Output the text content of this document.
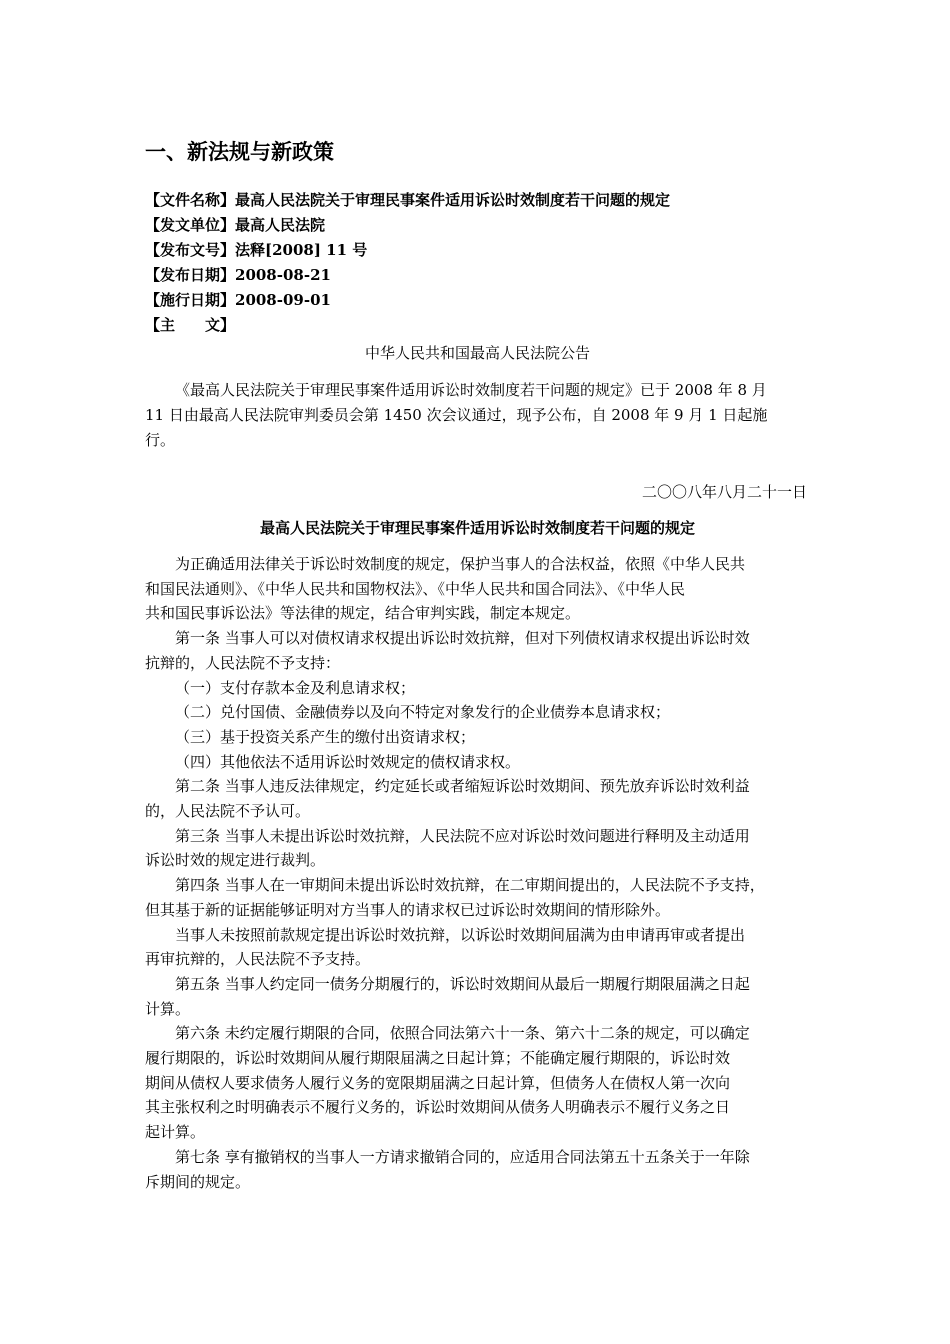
一、新法规与新政策
【文件名称】最高人民法院关于审理民事案件适用诉讼时效制度若干问题的规定
【发文单位】最高人民法院
【发布文号】法释[2008] 11 号
【发布日期】2008-08-21
【施行日期】2008-09-01
【主　　文】
中华人民共和国最高人民法院公告

《最高人民法院关于审理民事案件适用诉讼时效制度若干问题的规定》已于 2008 年 8 月
11 日由最高人民法院审判委员会第 1450 次会议通过，现予公布，自 2008 年 9 月 1 日起施
行。

二〇〇八年八月二十一日
最高人民法院关于审理民事案件适用诉讼时效制度若干问题的规定

为正确适用法律关于诉讼时效制度的规定，保护当事人的合法权益，依照《中华人民共
和国民法通则》、《中华人民共和国物权法》、《中华人民共和国合同法》、《中华人民
共和国民事诉讼法》等法律的规定，结合审判实践，制定本规定。

第一条 当事人可以对债权请求权提出诉讼时效抗辩，但对下列债权请求权提出诉讼时效
抗辩的，人民法院不予支持：

（一）支付存款本金及利息请求权；

（二）兑付国债、金融债券以及向不特定对象发行的企业债券本息请求权；

（三）基于投资关系产生的缴付出资请求权；

（四）其他依法不适用诉讼时效规定的债权请求权。

第二条 当事人违反法律规定，约定延长或者缩短诉讼时效期间、预先放弃诉讼时效利益
的，人民法院不予认可。

第三条 当事人未提出诉讼时效抗辩，人民法院不应对诉讼时效问题进行释明及主动适用
诉讼时效的规定进行裁判。

第四条 当事人在一审期间未提出诉讼时效抗辩，在二审期间提出的，人民法院不予支持，
但其基于新的证据能够证明对方当事人的请求权已过诉讼时效期间的情形除外。

当事人未按照前款规定提出诉讼时效抗辩，以诉讼时效期间届满为由申请再审或者提出
再审抗辩的，人民法院不予支持。

第五条 当事人约定同一债务分期履行的，诉讼时效期间从最后一期履行期限届满之日起
计算。

第六条 未约定履行期限的合同，依照合同法第六十一条、第六十二条的规定，可以确定
履行期限的，诉讼时效期间从履行期限届满之日起计算；不能确定履行期限的，诉讼时效
期间从债权人要求债务人履行义务的宽限期届满之日起计算，但债务人在债权人第一次向
其主张权利之时明确表示不履行义务的，诉讼时效期间从债务人明确表示不履行义务之日
起计算。

第七条 享有撤销权的当事人一方请求撤销合同的，应适用合同法第五十五条关于一年除
斥期间的规定。
